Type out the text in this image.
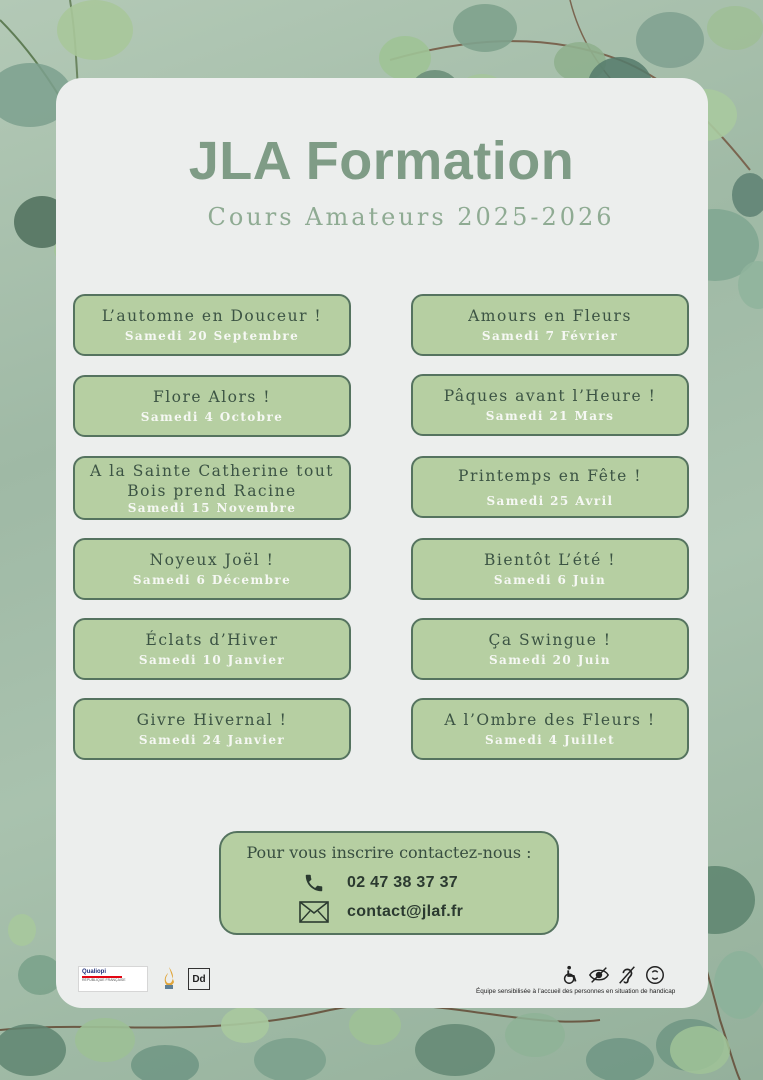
JLA Formation
Cours Amateurs 2025-2026
L’automne en Douceur !
Samedi 20 Septembre
Flore Alors !
Samedi 4 Octobre
A la Sainte Catherine tout
Bois prend Racine
Samedi 15 Novembre
Noyeux Joël !
Samedi 6 Décembre
Éclats d’Hiver
Samedi 10 Janvier
Givre Hivernal !
Samedi 24 Janvier
Amours en Fleurs
Samedi 7 Février
Pâques avant l’Heure !
Samedi 21 Mars
Printemps en Fête !
Samedi 25 Avril
Bientôt L’été !
Samedi 6 Juin
Ça Swingue !
Samedi 20 Juin
A l’Ombre des Fleurs !
Samedi 4 Juillet
Pour vous inscrire contactez-nous :
02 47 38 37 37
contact@jlaf.fr
Qualiopi
RÉPUBLIQUE FRANÇAISE	Dd
Équipe sensibilisée à l’accueil des personnes en situation de handicap
